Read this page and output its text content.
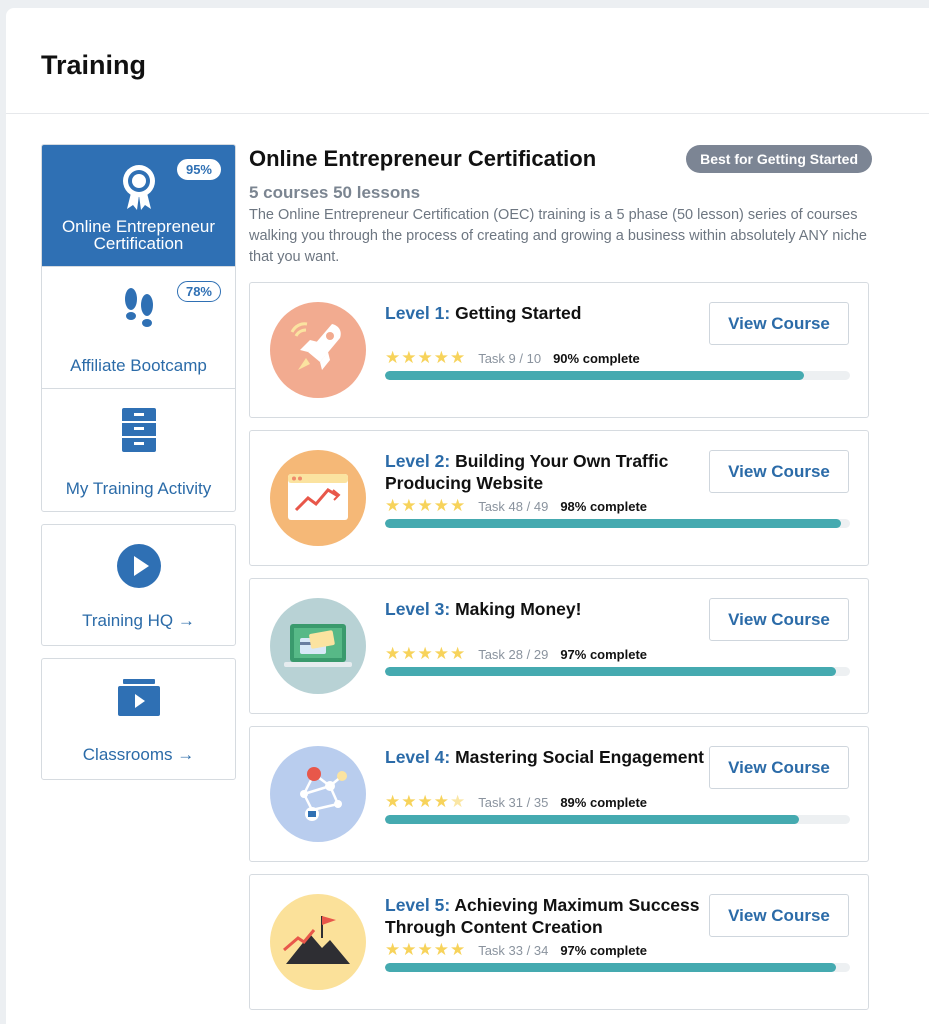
Training
95%
Online Entrepreneur Certification
78%
Affiliate Bootcamp
My Training Activity
Training HQ →
Classrooms →
Online Entrepreneur Certification	Best for Getting Started
5 courses 50 lessons

The Online Entrepreneur Certification (OEC) training is a 5 phase (50 lesson) series of courses walking you through the process of creating and growing a business within absolutely ANY niche that you want.

Level 1: Getting Started
★★★★★ Task 9 / 10 90% complete
View Course
Level 2: Building Your Own Traffic Producing Website
★★★★★ Task 48 / 49 98% complete
View Course
Level 3: Making Money!
★★★★★ Task 28 / 29 97% complete
View Course
Level 4: Mastering Social Engagement
★★★★★ Task 31 / 35 89% complete
View Course
Level 5: Achieving Maximum Success Through Content Creation
★★★★★ Task 33 / 34 97% complete
View Course
